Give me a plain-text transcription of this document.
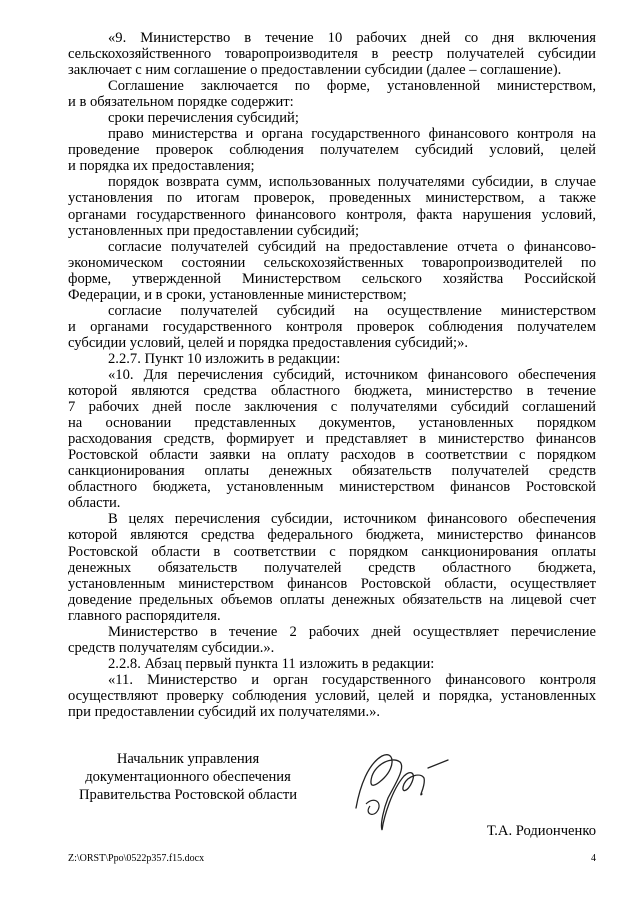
«9. Министерство в течение 10 рабочих дней со дня включения
сельскохозяйственного товаропроизводителя в реестр получателей субсидии
заключает с ним соглашение о предоставлении субсидии (далее – соглашение).
Соглашение заключается по форме, установленной министерством,
и в обязательном порядке содержит:
сроки перечисления субсидий;
право министерства и органа государственного финансового контроля на
проведение проверок соблюдения получателем субсидий условий, целей
и порядка их предоставления;
порядок возврата сумм, использованных получателями субсидии, в случае
установления по итогам проверок, проведенных министерством, а также
органами государственного финансового контроля, факта нарушения условий,
установленных при предоставлении субсидий;
согласие получателей субсидий на предоставление отчета о финансово-
экономическом состоянии сельскохозяйственных товаропроизводителей по
форме, утвержденной Министерством сельского хозяйства Российской
Федерации, и в сроки, установленные министерством;
согласие получателей субсидий на осуществление министерством
и органами государственного контроля проверок соблюдения получателем
субсидии условий, целей и порядка предоставления субсидий;».
2.2.7. Пункт 10 изложить в редакции:
«10. Для перечисления субсидий, источником финансового обеспечения
которой являются средства областного бюджета, министерство в течение
7 рабочих дней после заключения с получателями субсидий соглашений
на основании представленных документов, установленных порядком
расходования средств, формирует и представляет в министерство финансов
Ростовской области заявки на оплату расходов в соответствии с порядком
санкционирования оплаты денежных обязательств получателей средств
областного бюджета, установленным министерством финансов Ростовской
области.
В целях перечисления субсидии, источником финансового обеспечения
которой являются средства федерального бюджета, министерство финансов
Ростовской области в соответствии с порядком санкционирования оплаты
денежных обязательств получателей средств областного бюджета,
установленным министерством финансов Ростовской области, осуществляет
доведение предельных объемов оплаты денежных обязательств на лицевой счет
главного распорядителя.
Министерство в течение 2 рабочих дней осуществляет перечисление
средств получателям субсидии.».
2.2.8. Абзац первый пункта 11 изложить в редакции:
«11. Министерство и орган государственного финансового контроля
осуществляют проверку соблюдения условий, целей и порядка, установленных
при предоставлении субсидий их получателями.».
Начальник управления
документационного обеспечения
Правительства Ростовской области
Т.А. Родионченко
Z:\ORST\Ppo\0522p357.f15.docx	4
